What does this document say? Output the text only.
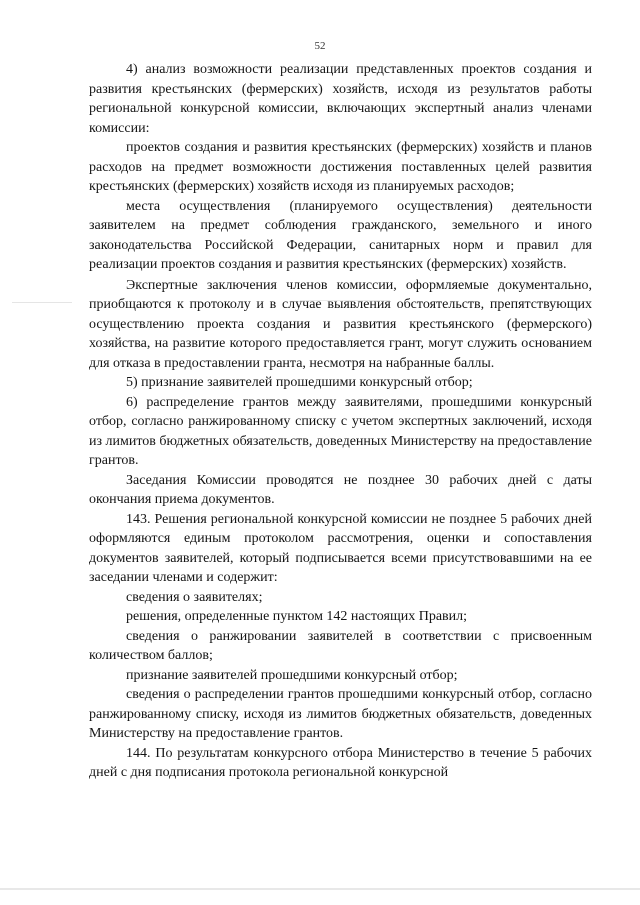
52

4) анализ возможности реализации представленных проектов создания и развития крестьянских (фермерских) хозяйств, исходя из результатов работы региональной конкурсной комиссии, включающих экспертный анализ членами комиссии:

проектов создания и развития крестьянских (фермерских) хозяйств и планов расходов на предмет возможности достижения поставленных целей развития крестьянских (фермерских) хозяйств исходя из планируемых расходов;

места осуществления (планируемого осуществления) деятельности заявителем на предмет соблюдения гражданского, земельного и иного законодательства Российской Федерации, санитарных норм и правил для реализации проектов создания и развития крестьянских (фермерских) хозяйств.

Экспертные заключения членов комиссии, оформляемые документально, приобщаются к протоколу и в случае выявления обстоятельств, препятствующих осуществлению проекта создания и развития крестьянского (фермерского) хозяйства, на развитие которого предоставляется грант, могут служить основанием для отказа в предоставлении гранта, несмотря на набранные баллы.

5) признание заявителей прошедшими конкурсный отбор;

6) распределение грантов между заявителями, прошедшими конкурсный отбор, согласно ранжированному списку с учетом экспертных заключений, исходя из лимитов бюджетных обязательств, доведенных Министерству на предоставление грантов.

Заседания Комиссии проводятся не позднее 30 рабочих дней с даты окончания приема документов.

143. Решения региональной конкурсной комиссии не позднее 5 рабочих дней оформляются единым протоколом рассмотрения, оценки и сопоставления документов заявителей, который подписывается всеми присутствовавшими на ее заседании членами и содержит:

сведения о заявителях;

решения, определенные пунктом 142 настоящих Правил;

сведения о ранжировании заявителей в соответствии с присвоенным количеством баллов;

признание заявителей прошедшими конкурсный отбор;

сведения о распределении грантов прошедшими конкурсный отбор, согласно ранжированному списку, исходя из лимитов бюджетных обязательств, доведенных Министерству на предоставление грантов.

144. По результатам конкурсного отбора Министерство в течение 5 рабочих дней с дня подписания протокола региональной конкурсной
